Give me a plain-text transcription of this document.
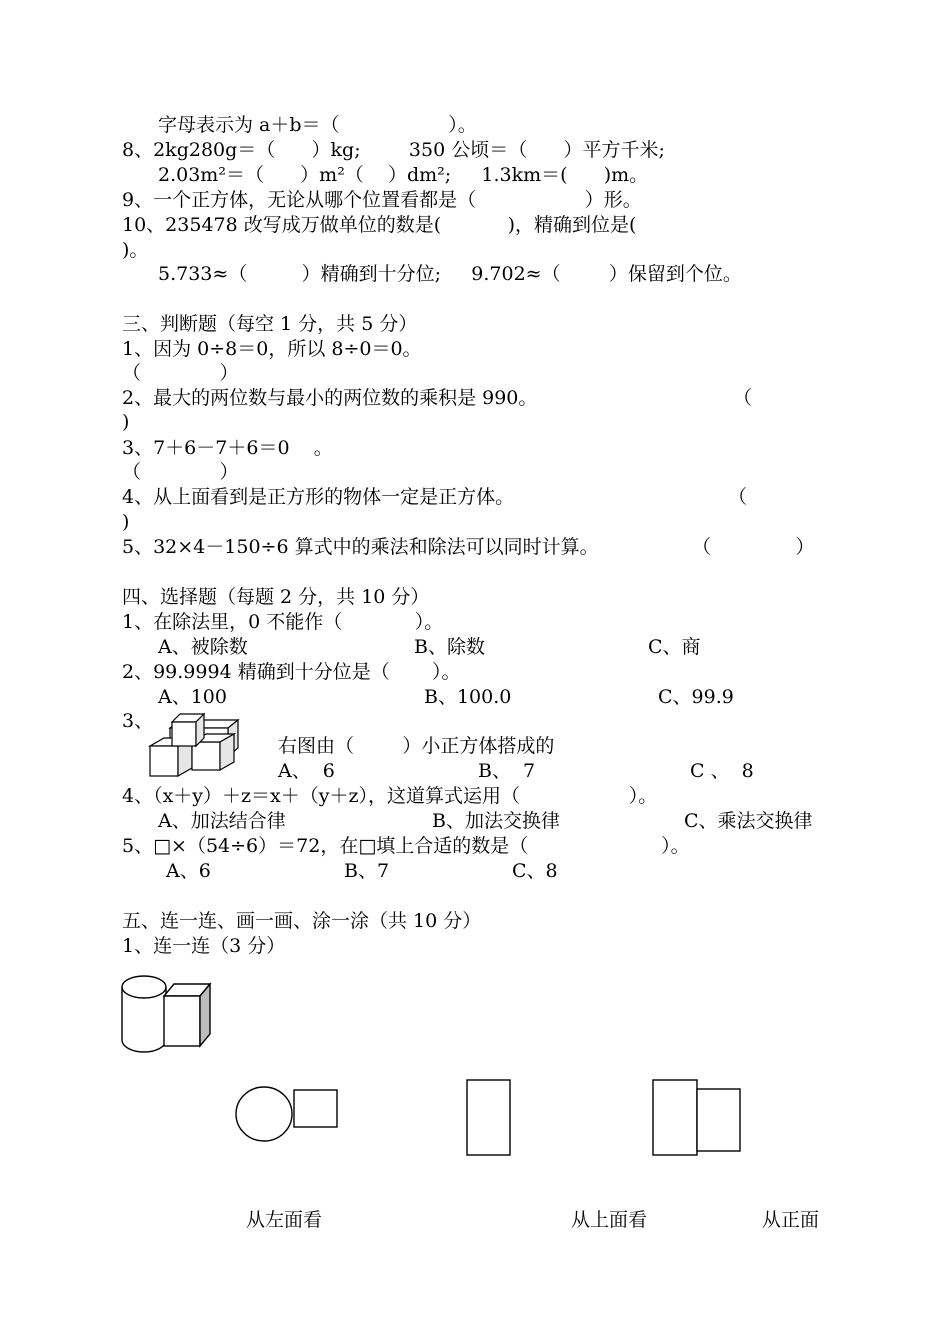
字母表示为 a＋b＝（                  ）。
8、2kg280g＝（      ）kg;        350 公顷＝（      ）平方千米;
2.03m²＝（      ）m²（    ）dm²;     1.3km＝(      )m。
9、一个正方体，无论从哪个位置看都是（                  ）形。
10、235478 改写成万做单位的数是(           )，精确到位是(
)。
5.733≈（         ）精确到十分位;     9.702≈（        ）保留到个位。
三、判断题（每空 1 分，共 5 分）
1、因为 0÷8＝0，所以 8÷0＝0。
（             ）
2、最大的两位数与最小的两位数的乘积是 990。	（
)
3、7＋6－7＋6＝0    。
（             ）
4、从上面看到是正方形的物体一定是正方体。	（
)
5、32×4－150÷6 算式中的乘法和除法可以同时计算。	（              ）
四、选择题（每题 2 分，共 10 分）
1、在除法里，0 不能作（            ）。
A、被除数	B、除数	C、商
2、99.9994 精确到十分位是（       ）。
A、100	B、100.0	C、99.9
3、
右图由（        ）小正方体搭成的
A、  6	B、  7	C 、  8
4、（x＋y）＋z＝x＋（y＋z），这道算式运用（                  ）。
A、加法结合律	B、加法交换律	C、乘法交换律
5、□×（54÷6）＝72，在□填上合适的数是（                      ）。
A、6	B、7	C、8
五、连一连、画一画、涂一涂（共 10 分）
1、连一连（3 分）
从左面看	从上面看	从正面
